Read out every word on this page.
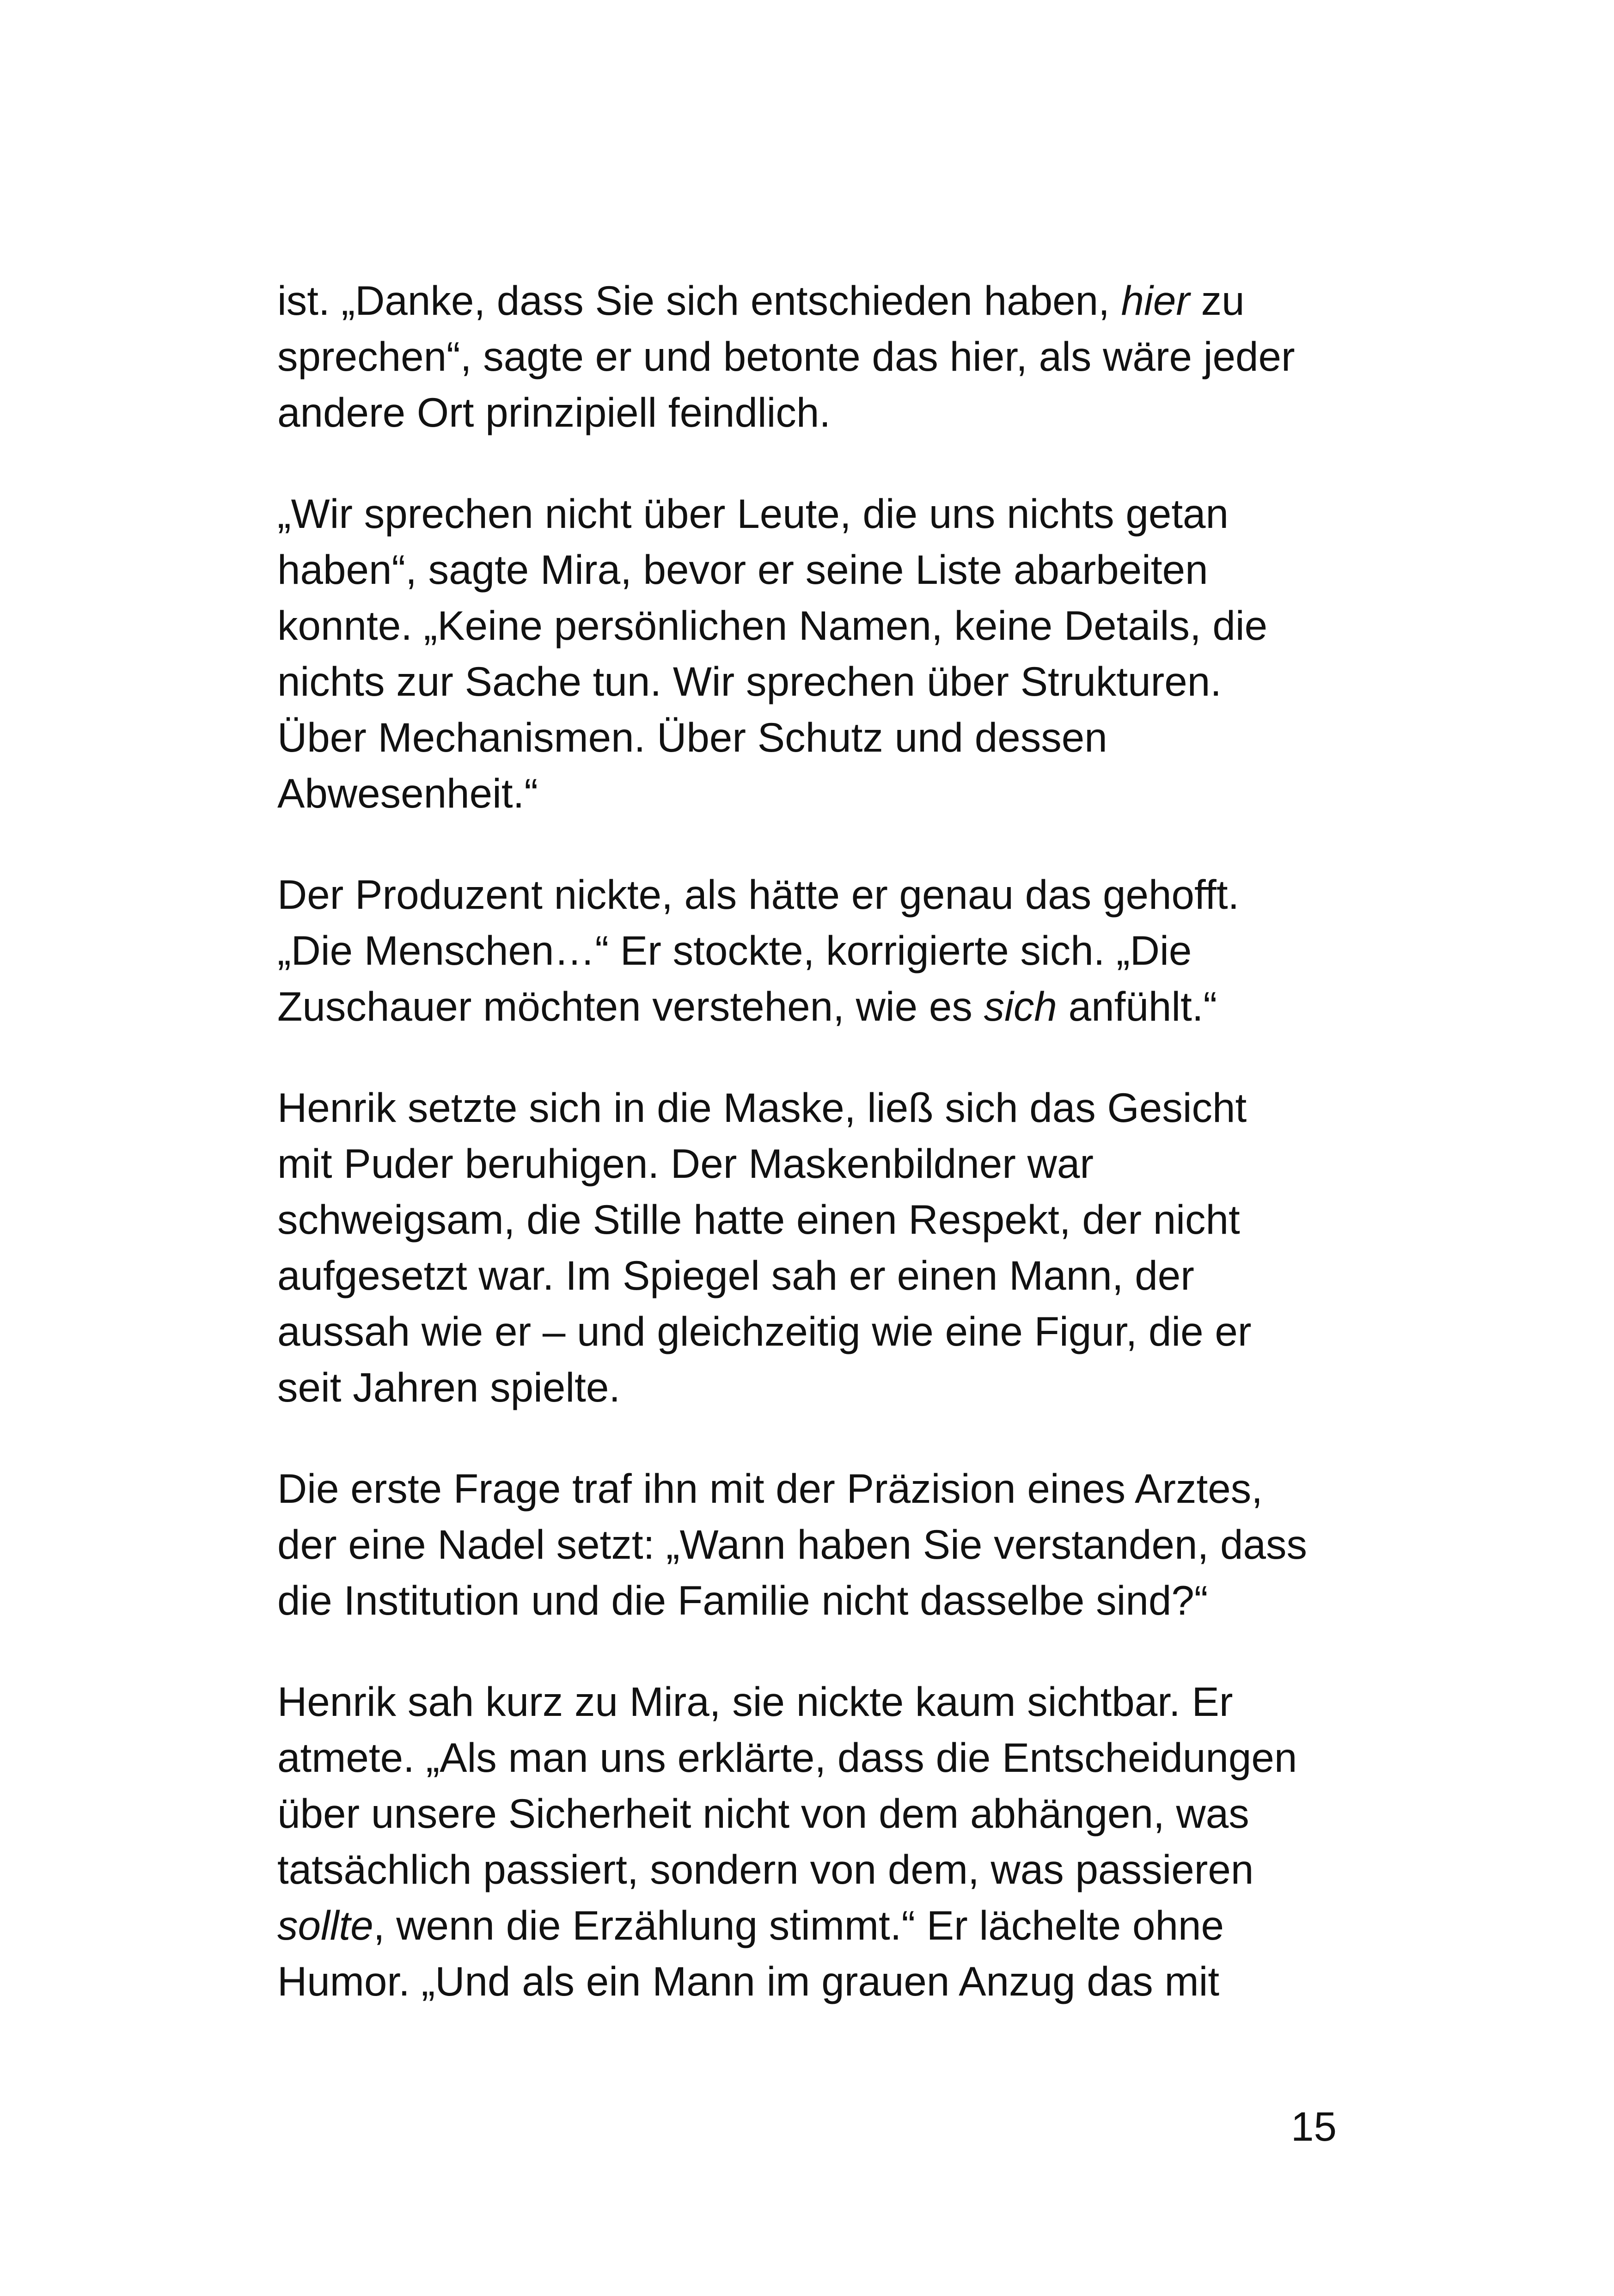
ist. „Danke, dass Sie sich entschieden haben, hier zu
sprechen“, sagte er und betonte das hier, als wäre jeder
andere Ort prinzipiell feindlich.

„Wir sprechen nicht über Leute, die uns nichts getan
haben“, sagte Mira, bevor er seine Liste abarbeiten
konnte. „Keine persönlichen Namen, keine Details, die
nichts zur Sache tun. Wir sprechen über Strukturen.
Über Mechanismen. Über Schutz und dessen
Abwesenheit.“

Der Produzent nickte, als hätte er genau das gehofft.
„Die Menschen…“ Er stockte, korrigierte sich. „Die
Zuschauer möchten verstehen, wie es sich anfühlt.“

Henrik setzte sich in die Maske, ließ sich das Gesicht
mit Puder beruhigen. Der Maskenbildner war
schweigsam, die Stille hatte einen Respekt, der nicht
aufgesetzt war. Im Spiegel sah er einen Mann, der
aussah wie er – und gleichzeitig wie eine Figur, die er
seit Jahren spielte.

Die erste Frage traf ihn mit der Präzision eines Arztes,
der eine Nadel setzt: „Wann haben Sie verstanden, dass
die Institution und die Familie nicht dasselbe sind?“

Henrik sah kurz zu Mira, sie nickte kaum sichtbar. Er
atmete. „Als man uns erklärte, dass die Entscheidungen
über unsere Sicherheit nicht von dem abhängen, was
tatsächlich passiert, sondern von dem, was passieren
sollte, wenn die Erzählung stimmt.“ Er lächelte ohne
Humor. „Und als ein Mann im grauen Anzug das mit

15
